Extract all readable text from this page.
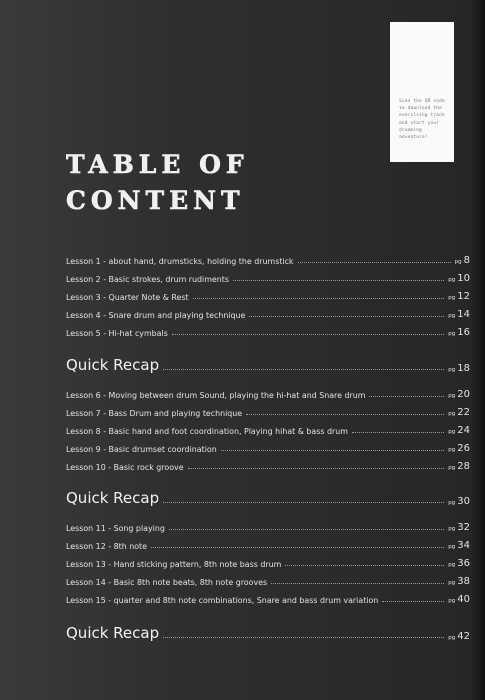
Scan the QR code to download the exercising track and start your drumming adventure!
TABLE OF
CONTENT
Lesson 1 - about hand, drumsticks, holding the drumstick	pg 8
Lesson 2 - Basic strokes, drum rudiments	pg 10
Lesson 3 - Quarter Note & Rest	pg 12
Lesson 4 - Snare drum and playing technique	pg 14
Lesson 5 - Hi-hat cymbals	pg 16
Quick Recap	pg 18
Lesson 6 - Moving between drum Sound, playing the hi-hat and Snare drum	pg 20
Lesson 7 - Bass Drum and playing technique	pg 22
Lesson 8 - Basic hand and foot coordination, Playing hihat & bass drum	pg 24
Lesson 9 - Basic drumset coordination	pg 26
Lesson 10 - Basic rock groove	pg 28
Quick Recap	pg 30
Lesson 11 - Song playing	pg 32
Lesson 12 - 8th note	pg 34
Lesson 13 - Hand sticking pattern, 8th note bass drum	pg 36
Lesson 14 - Basic 8th note beats, 8th note grooves	pg 38
Lesson 15 - quarter and 8th note combinations, Snare and bass drum variation	pg 40
Quick Recap	pg 42
